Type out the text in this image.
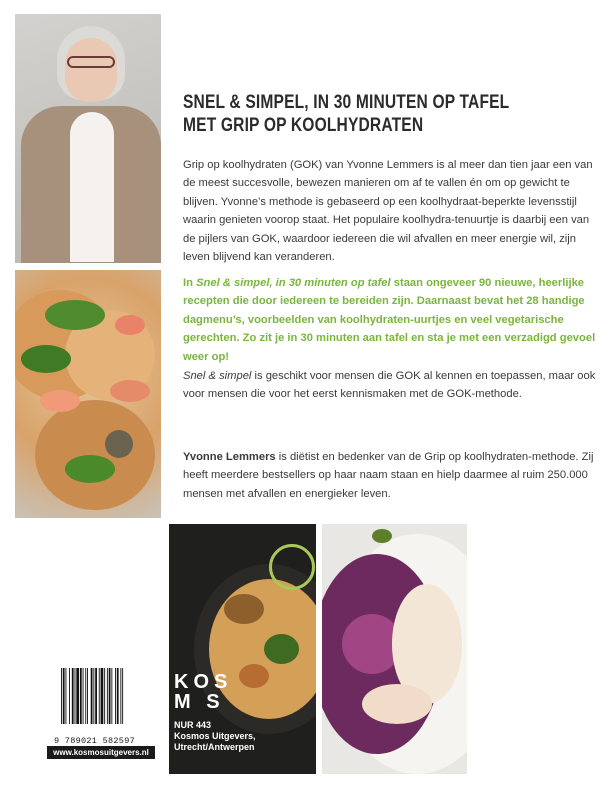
SNEL & SIMPEL, IN 30 MINUTEN OP TAFEL
MET GRIP OP KOOLHYDRATEN

Grip op koolhydraten (GOK) van Yvonne Lemmers is al meer dan tien jaar een van de meest succesvolle, bewezen manieren om af te vallen én om op gewicht te blijven. Yvonne’s methode is gebaseerd op een koolhydraat-beperkte levensstijl waarin genieten voorop staat. Het populaire koolhydra-tenuurtje is daarbij een van de pijlers van GOK, waardoor iedereen die wil afvallen en meer energie wil, zijn leven blijvend kan veranderen.

In Snel & simpel, in 30 minuten op tafel staan ongeveer 90 nieuwe, heerlijke recepten die door iedereen te bereiden zijn. Daarnaast bevat het 28 handige dagmenu’s, voorbeelden van koolhydraten-uurtjes en veel vegetarische gerechten. Zo zit je in 30 minuten aan tafel en sta je met een verzadigd gevoel weer op!

Snel & simpel is geschikt voor mensen die GOK al kennen en toepassen, maar ook voor mensen die voor het eerst kennismaken met de GOK-methode.

Yvonne Lemmers is diëtist en bedenker van de Grip op koolhydraten-methode. Zij heeft meerdere bestsellers op haar naam staan en hielp daarmee al ruim 250.000 mensen met afvallen en energieker leven.

KOS
M S
NUR 443
Kosmos Uitgevers,
Utrecht/Antwerpen
9 789021 582597
www.kosmosuitgevers.nl
